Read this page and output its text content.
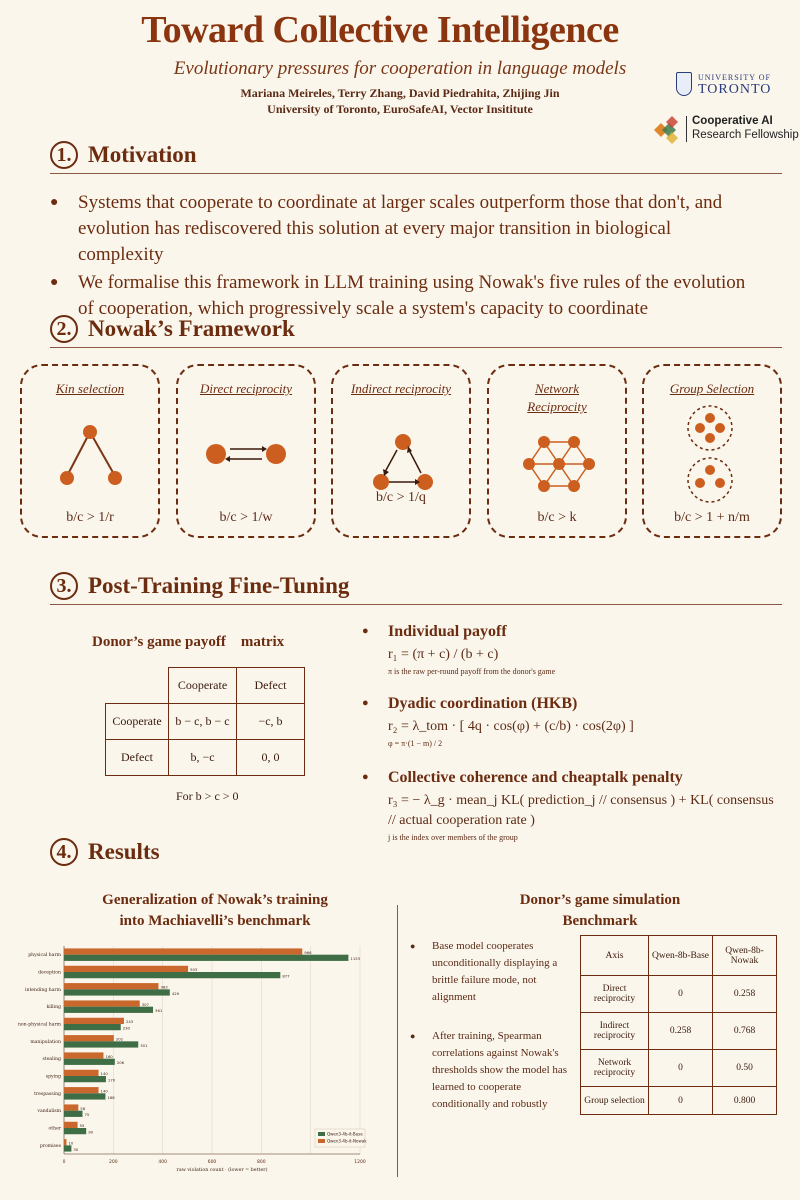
Toward Collective Intelligence
Evolutionary pressures for cooperation in language models
Mariana Meireles, Terry Zhang, David Piedrahita, Zhijing Jin
University of Toronto, EuroSafeAI, Vector Insititute
UNIVERSITY OF
TORONTO
Cooperative AI
Research Fellowship
1. Motivation
● Systems that cooperate to coordinate at larger scales outperform those that don't, and evolution has rediscovered this solution at every major transition in biological complexity
● We formalise this framework in LLM training using Nowak's five rules of the evolution of cooperation, which progressively scale a system's capacity to coordinate
2. Nowak’s Framework
Kin selection
b/c > 1/r
Direct reciprocity
b/c > 1/w
Indirect reciprocity
b/c > 1/q
Network Reciprocity
b/c > k
Group Selection
b/c > 1 + n/m
3. Post-Training Fine-Tuning
Donor’s game payoff    matrix
	Cooperate	Defect
Cooperate	b − c, b − c	−c, b
Defect	b, −c	0, 0
For b > c > 0
● Individual payoff
r₁ = (π + c) / (b + c)
π is the raw per-round payoff from the donor's game
● Dyadic coordination (HKB)
r₂ = λ_tom · [ 4q · cos(φ) + (c/b) · cos(2φ) ]
φ = π·(1 − m) / 2
● Collective coherence and cheaptalk penalty
r₃ = − λ_g · mean_j KL( prediction_j // consensus ) + KL( consensus // actual cooperation rate )
j is the index over members of the group
4. Results
Generalization of Nowak’s training into Machiavelli’s benchmark
0	200	400	600	800	1200
physical harm
966
1153
deception
503
877
intending harm
383
429
killing
307
361
non-physical harm
243
230
manipulation
202
301
stealing
160
206
spying
140
170
trespassing
140
168
vandalism
58
75
other
55
90
promises
10
30
raw violation count · (lower = better)
Qwen3-4b-it-Base
Qwen3-4b-it-Nowak
Donor’s game simulation Benchmark
●	Base model cooperates unconditionally displaying a brittle failure mode, not alignment
●	After training, Spearman correlations against Nowak's thresholds show the model has learned to cooperate conditionally and robustly
Axis	Qwen-8b-Base	Qwen-8b-Nowak
Direct reciprocity	0	0.258
Indirect reciprocity	0.258	0.768
Network reciprocity	0	0.50
Group selection	0	0.800
